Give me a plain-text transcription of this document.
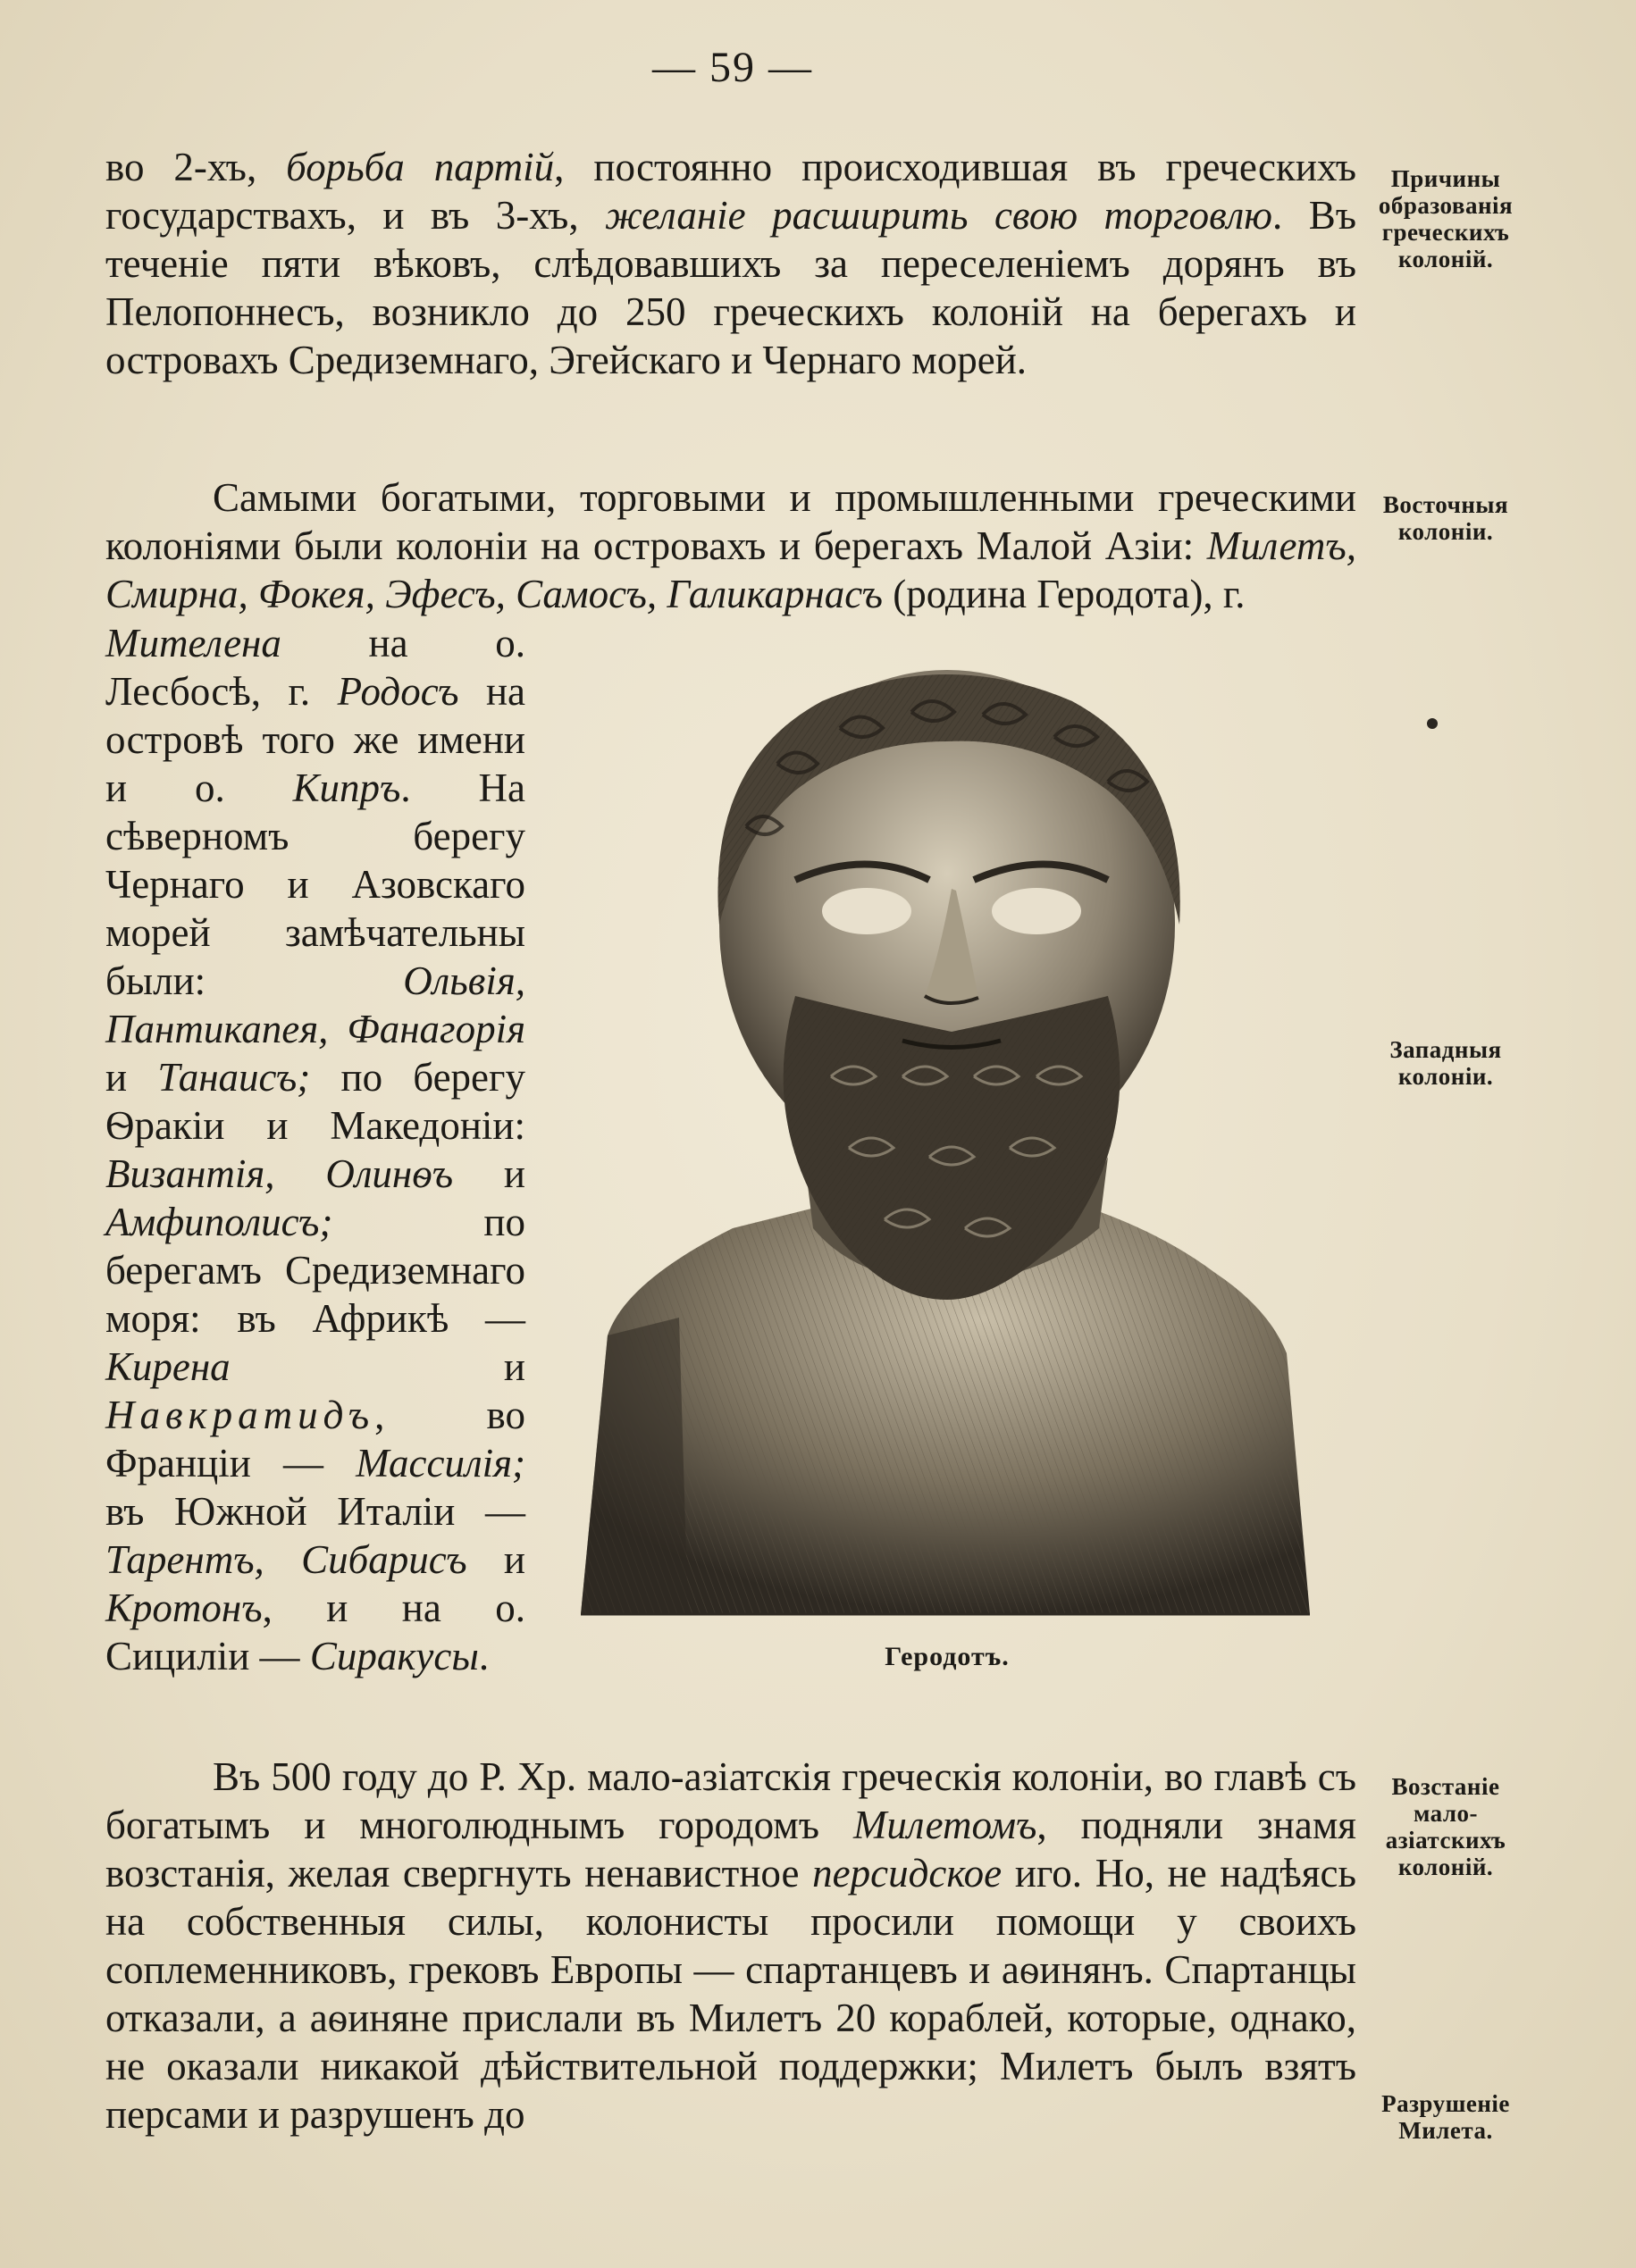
— 59 —

во 2-хъ, борьба партій, постоянно происходившая въ греческихъ государствахъ, и въ 3-хъ, желаніе расширить свою торговлю. Въ теченіе пяти вѣковъ, слѣдовавшихъ за переселеніемъ дорянъ въ Пелопоннесъ, возникло до 250 греческихъ колоній на берегахъ и островахъ Средиземнаго, Эгейскаго и Чернаго морей.

Самыми богатыми, торговыми и промышленными греческими колоніями были колоніи на островахъ и берегахъ Малой Азіи: Милетъ, Смирна, Фокея, Эфесъ, Самосъ, Галикарнасъ (родина Геродота), г.

Мителена на о. Лесбосѣ, г. Родосъ на островѣ того же имени и о. Кипръ. На сѣверномъ берегу Чернаго и Азовскаго морей замѣчательны были: Ольвія, Пантикапея, Фанагорія и Танаисъ; по берегу Ѳракіи и Македоніи: Византія, Олинѳъ и Амфиполисъ; по берегамъ Средиземнаго моря: въ Африкѣ — Кирена и Навкратидъ, во Франціи — Массилія; въ Южной Италіи — Тарентъ, Сибарисъ и Кротонъ, и на о. Сициліи — Сиракусы.	Геродотъ.

Въ 500 году до Р. Хр. мало-азіатскія греческія колоніи, во главѣ съ богатымъ и многолюднымъ городомъ Милетомъ, подняли знамя возстанія, желая свергнуть ненавистное персидское иго. Но, не надѣясь на собственныя силы, колонисты просили помощи у своихъ соплеменниковъ, грековъ Европы — спартанцевъ и аѳинянъ. Спартанцы отказали, а аѳиняне прислали въ Милетъ 20 кораблей, которые, однако, не оказали никакой дѣйствительной поддержки; Милетъ былъ взятъ персами и разрушенъ до

Причины образованія греческихъ колоній.
Восточныя колоніи.
Западныя колоніи.
Возстаніе мало-азіатскихъ колоній.
Разрушеніе Милета.
